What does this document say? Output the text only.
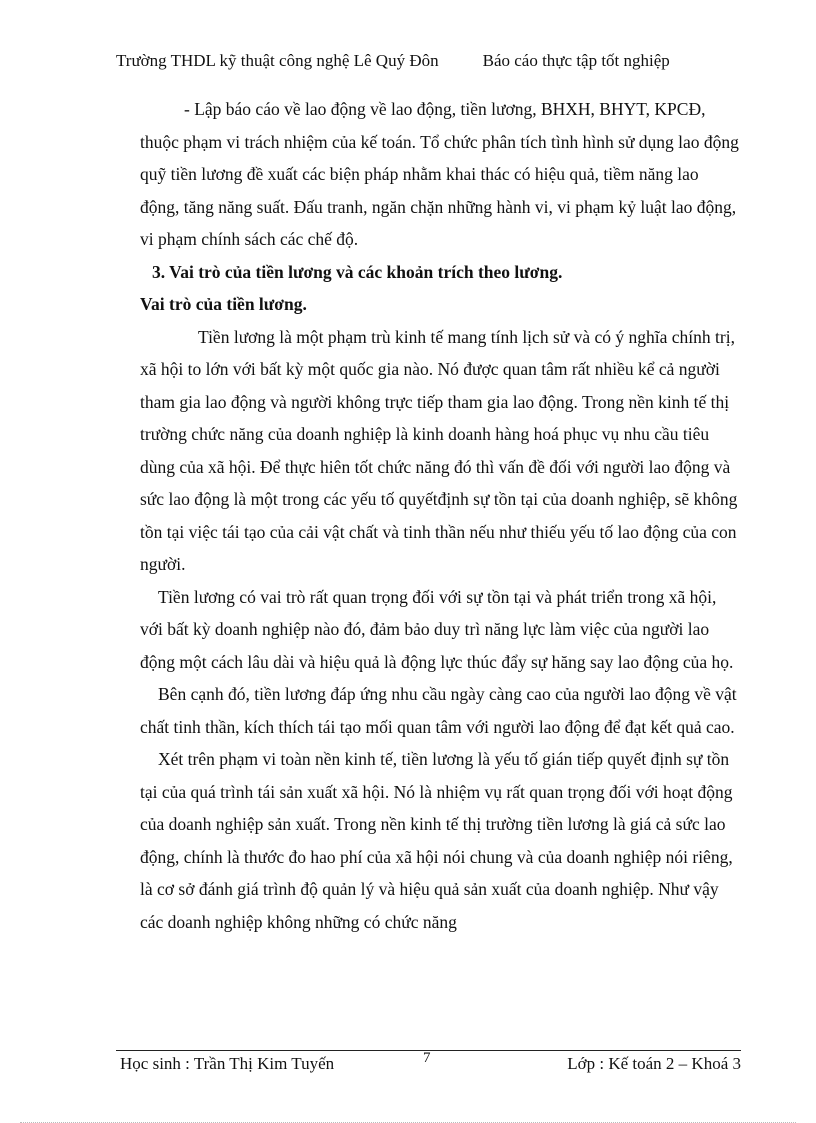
Trường THDL kỹ thuật công nghệ Lê Quý Đôn	Báo cáo thực tập tốt nghiệp

- Lập báo cáo về lao động về lao động, tiền lương, BHXH, BHYT, KPCĐ, thuộc phạm vi trách nhiệm của kế toán. Tổ chức phân tích tình hình sử dụng lao động quỹ tiền lương đề xuất các biện pháp nhằm khai thác có hiệu quả, tiềm năng lao động, tăng năng suất. Đấu tranh, ngăn chặn những hành vi, vi phạm kỷ luật lao động, vi phạm chính sách các chế độ.

3. Vai trò của tiền lương và các khoản trích theo lương.

Vai trò của tiền lương.

Tiền lương là một phạm trù kinh tế mang tính lịch sử và có ý nghĩa chính trị, xã hội to lớn với bất kỳ một quốc gia nào. Nó được quan tâm rất nhiều kể cả người tham gia lao động và người không trực tiếp tham gia lao động. Trong nền kinh tế thị trường chức năng của doanh nghiệp là kinh doanh hàng hoá phục vụ nhu cầu tiêu dùng của xã hội. Để thực hiên tốt chức năng đó thì vấn đề đối với người lao động và sức lao động là một trong các yếu tố quyếtđịnh sự tồn tại của doanh nghiệp, sẽ không tồn tại việc tái tạo của cải vật chất và tinh thần nếu như thiếu yếu tố lao động của con người.

Tiền lương có vai trò rất quan trọng đối với sự tồn tại và phát triển trong xã hội, với bất kỳ doanh nghiệp nào đó, đảm bảo duy trì năng lực làm việc của người lao động một cách lâu dài và hiệu quả là động lực thúc đẩy sự hăng say lao động của họ.

Bên cạnh đó, tiền lương đáp ứng nhu cầu ngày càng cao của người lao động về vật chất tinh thần, kích thích tái tạo mối quan tâm với người lao động để đạt kết quả cao.

Xét trên phạm vi toàn nền kinh tế, tiền lương là yếu tố gián tiếp quyết định sự tồn tại của quá trình tái sản xuất xã hội. Nó là nhiệm vụ rất quan trọng đối với hoạt động của doanh nghiệp sản xuất. Trong nền kinh tế thị trường tiền lương là giá cả sức lao động, chính là thước đo hao phí của xã hội nói chung và của doanh nghiệp nói riêng, là cơ sở đánh giá trình độ quản lý và hiệu quả sản xuất của doanh nghiệp. Như vậy các doanh nghiệp không những có chức năng

Học sinh : Trần Thị Kim Tuyến	7	Lớp : Kế toán 2 – Khoá 3
